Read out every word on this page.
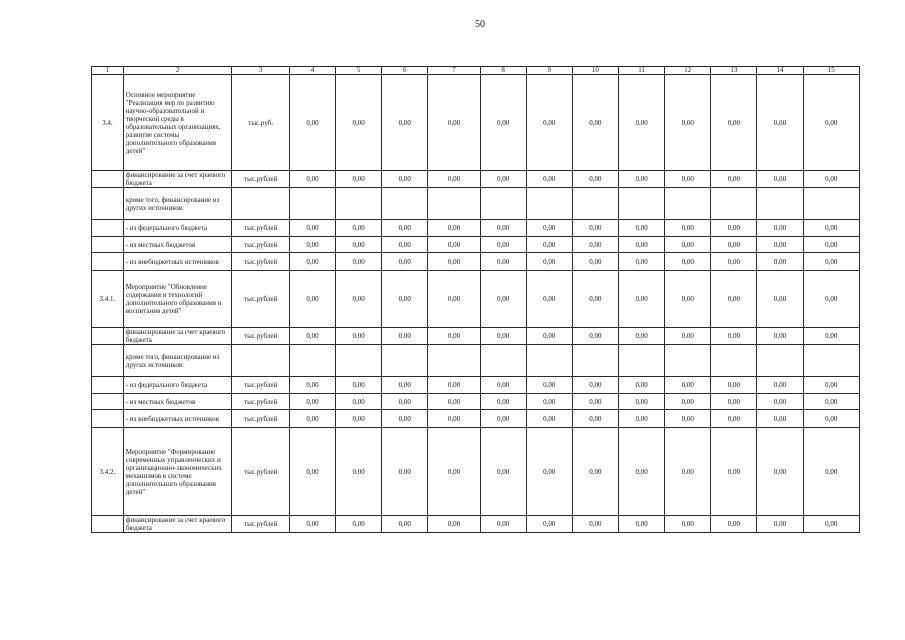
50
1	2	3	4	5	6	7	8	9	10	11	12	13	14	15
3.4.	Основное мероприятие "Реализация мер по развитию научно-образовательной и творческой среды в образовательных организациях, развитие системы дополнительного образования детей"	тыс.руб.	0,00	0,00	0,00	0,00	0,00	0,00	0,00	0,00	0,00	0,00	0,00	0,00
	финансирование за счет краевого бюджета	тыс.рублей	0,00	0,00	0,00	0,00	0,00	0,00	0,00	0,00	0,00	0,00	0,00	0,00
	кроме того, финансирование из других источников:													
	- из федерального бюджета	тыс.рублей	0,00	0,00	0,00	0,00	0,00	0,00	0,00	0,00	0,00	0,00	0,00	0,00
	- из местных бюджетов	тыс.рублей	0,00	0,00	0,00	0,00	0,00	0,00	0,00	0,00	0,00	0,00	0,00	0,00
	- из внебюджетных источников	тыс.рублей	0,00	0,00	0,00	0,00	0,00	0,00	0,00	0,00	0,00	0,00	0,00	0,00
3.4.1.	Мероприятие "Обновление содержания и технологий дополнительного образования и воспитания детей"	тыс.рублей	0,00	0,00	0,00	0,00	0,00	0,00	0,00	0,00	0,00	0,00	0,00	0,00
	финансирование за счет краевого бюджета	тыс.рублей	0,00	0,00	0,00	0,00	0,00	0,00	0,00	0,00	0,00	0,00	0,00	0,00
	кроме того, финансирование из других источников:													
	- из федерального бюджета	тыс.рублей	0,00	0,00	0,00	0,00	0,00	0,00	0,00	0,00	0,00	0,00	0,00	0,00
	- из местных бюджетов	тыс.рублей	0,00	0,00	0,00	0,00	0,00	0,00	0,00	0,00	0,00	0,00	0,00	0,00
	- из внебюджетных источников	тыс.рублей	0,00	0,00	0,00	0,00	0,00	0,00	0,00	0,00	0,00	0,00	0,00	0,00
3.4.2.	Мероприятие "Формирование современных управленческих и организационно-экономических механизмов в системе дополнительного образования детей"	тыс.рублей	0,00	0,00	0,00	0,00	0,00	0,00	0,00	0,00	0,00	0,00	0,00	0,00
	финансирование за счет краевого бюджета	тыс.рублей	0,00	0,00	0,00	0,00	0,00	0,00	0,00	0,00	0,00	0,00	0,00	0,00
